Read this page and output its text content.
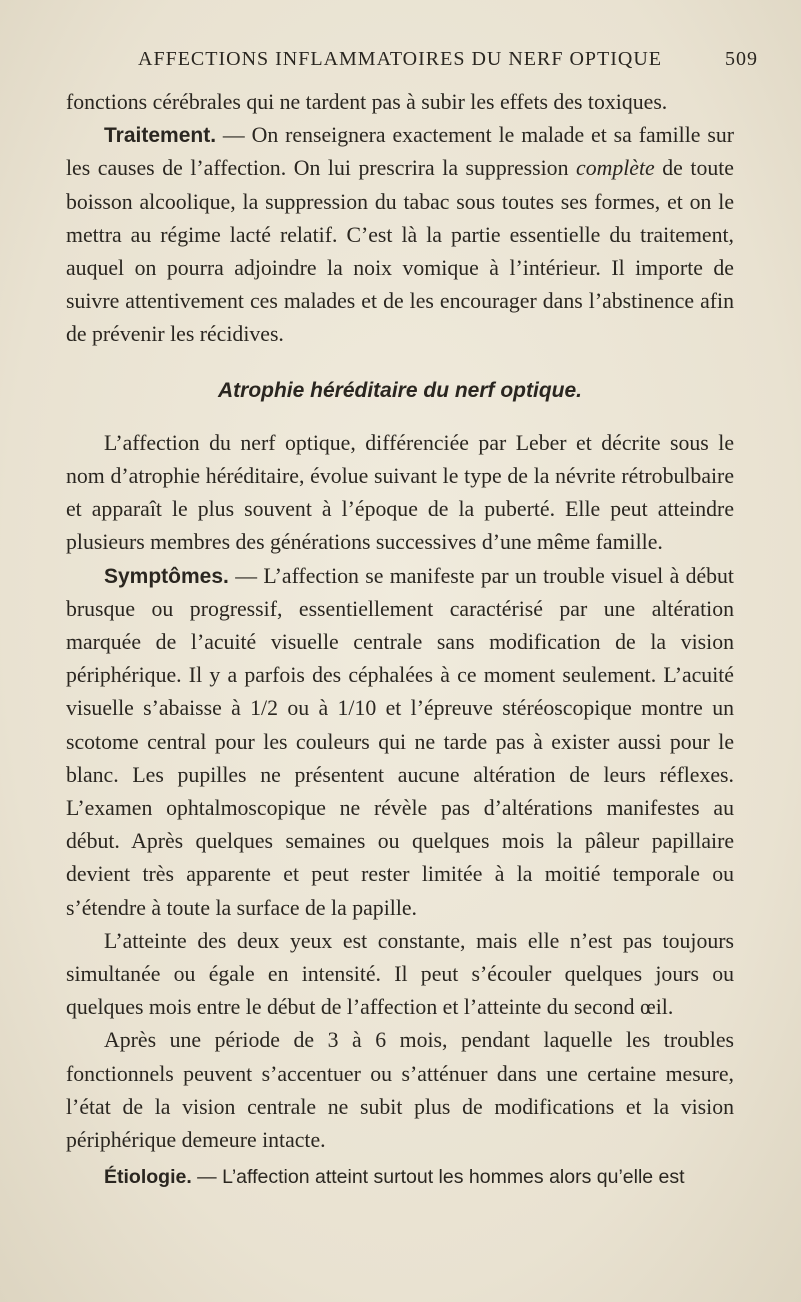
AFFECTIONS INFLAMMATOIRES DU NERF OPTIQUE	509

fonctions cérébrales qui ne tardent pas à subir les effets des toxiques.

Traitement. — On renseignera exactement le malade et sa famille sur les causes de l’affection. On lui prescrira la suppression complète de toute boisson alcoolique, la suppression du tabac sous toutes ses formes, et on le mettra au régime lacté relatif. C’est là la partie essentielle du traitement, auquel on pourra adjoindre la noix vomique à l’intérieur. Il importe de suivre attentivement ces malades et de les encourager dans l’abstinence afin de prévenir les récidives.

Atrophie héréditaire du nerf optique.

L’affection du nerf optique, différenciée par Leber et décrite sous le nom d’atrophie héréditaire, évolue suivant le type de la névrite rétrobulbaire et apparaît le plus souvent à l’époque de la puberté. Elle peut atteindre plusieurs membres des générations successives d’une même famille.

Symptômes. — L’affection se manifeste par un trouble visuel à début brusque ou progressif, essentiellement caractérisé par une altération marquée de l’acuité visuelle centrale sans modification de la vision périphérique. Il y a parfois des céphalées à ce moment seulement. L’acuité visuelle s’abaisse à 1/2 ou à 1/10 et l’épreuve stéréoscopique montre un scotome central pour les couleurs qui ne tarde pas à exister aussi pour le blanc. Les pupilles ne présentent aucune altération de leurs réflexes. L’examen ophtalmoscopique ne révèle pas d’altérations manifestes au début. Après quelques semaines ou quelques mois la pâleur papillaire devient très apparente et peut rester limitée à la moitié temporale ou s’étendre à toute la surface de la papille.

L’atteinte des deux yeux est constante, mais elle n’est pas toujours simultanée ou égale en intensité. Il peut s’écouler quelques jours ou quelques mois entre le début de l’affection et l’atteinte du second œil.

Après une période de 3 à 6 mois, pendant laquelle les troubles fonctionnels peuvent s’accentuer ou s’atténuer dans une certaine mesure, l’état de la vision centrale ne subit plus de modifications et la vision périphérique demeure intacte.

Étiologie. — L’affection atteint surtout les hommes alors qu’elle est
